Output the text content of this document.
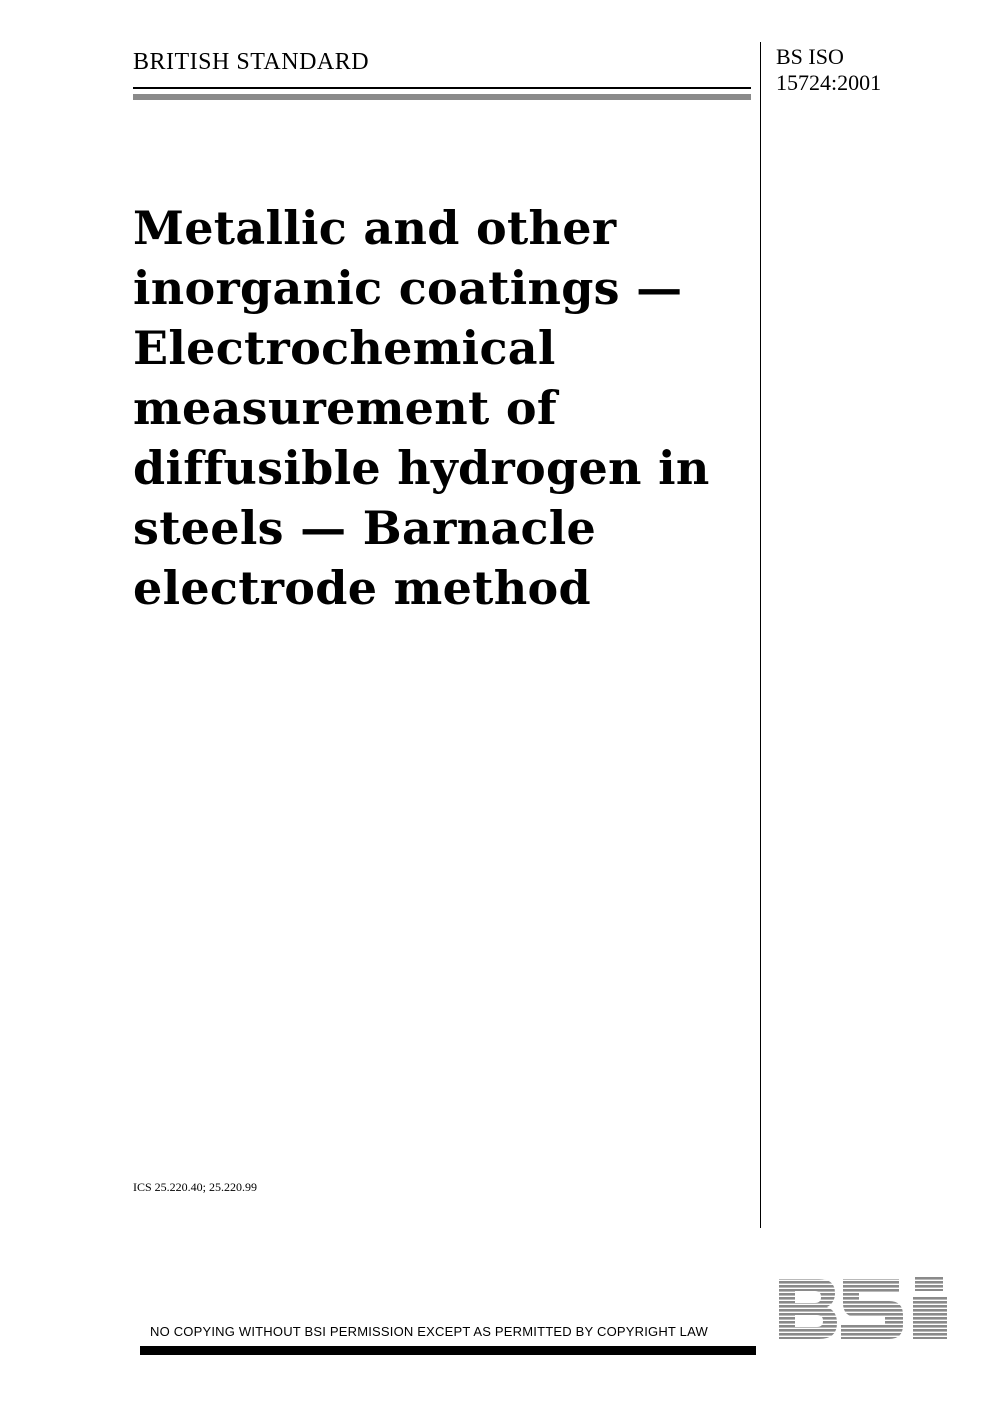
BRITISH STANDARD	BS ISO
15724:2001
Metallic and other
inorganic coatings —
Electrochemical
measurement of
diffusible hydrogen in
steels — Barnacle
electrode method
ICS 25.220.40; 25.220.99
NO COPYING WITHOUT BSI PERMISSION EXCEPT AS PERMITTED BY COPYRIGHT LAW
